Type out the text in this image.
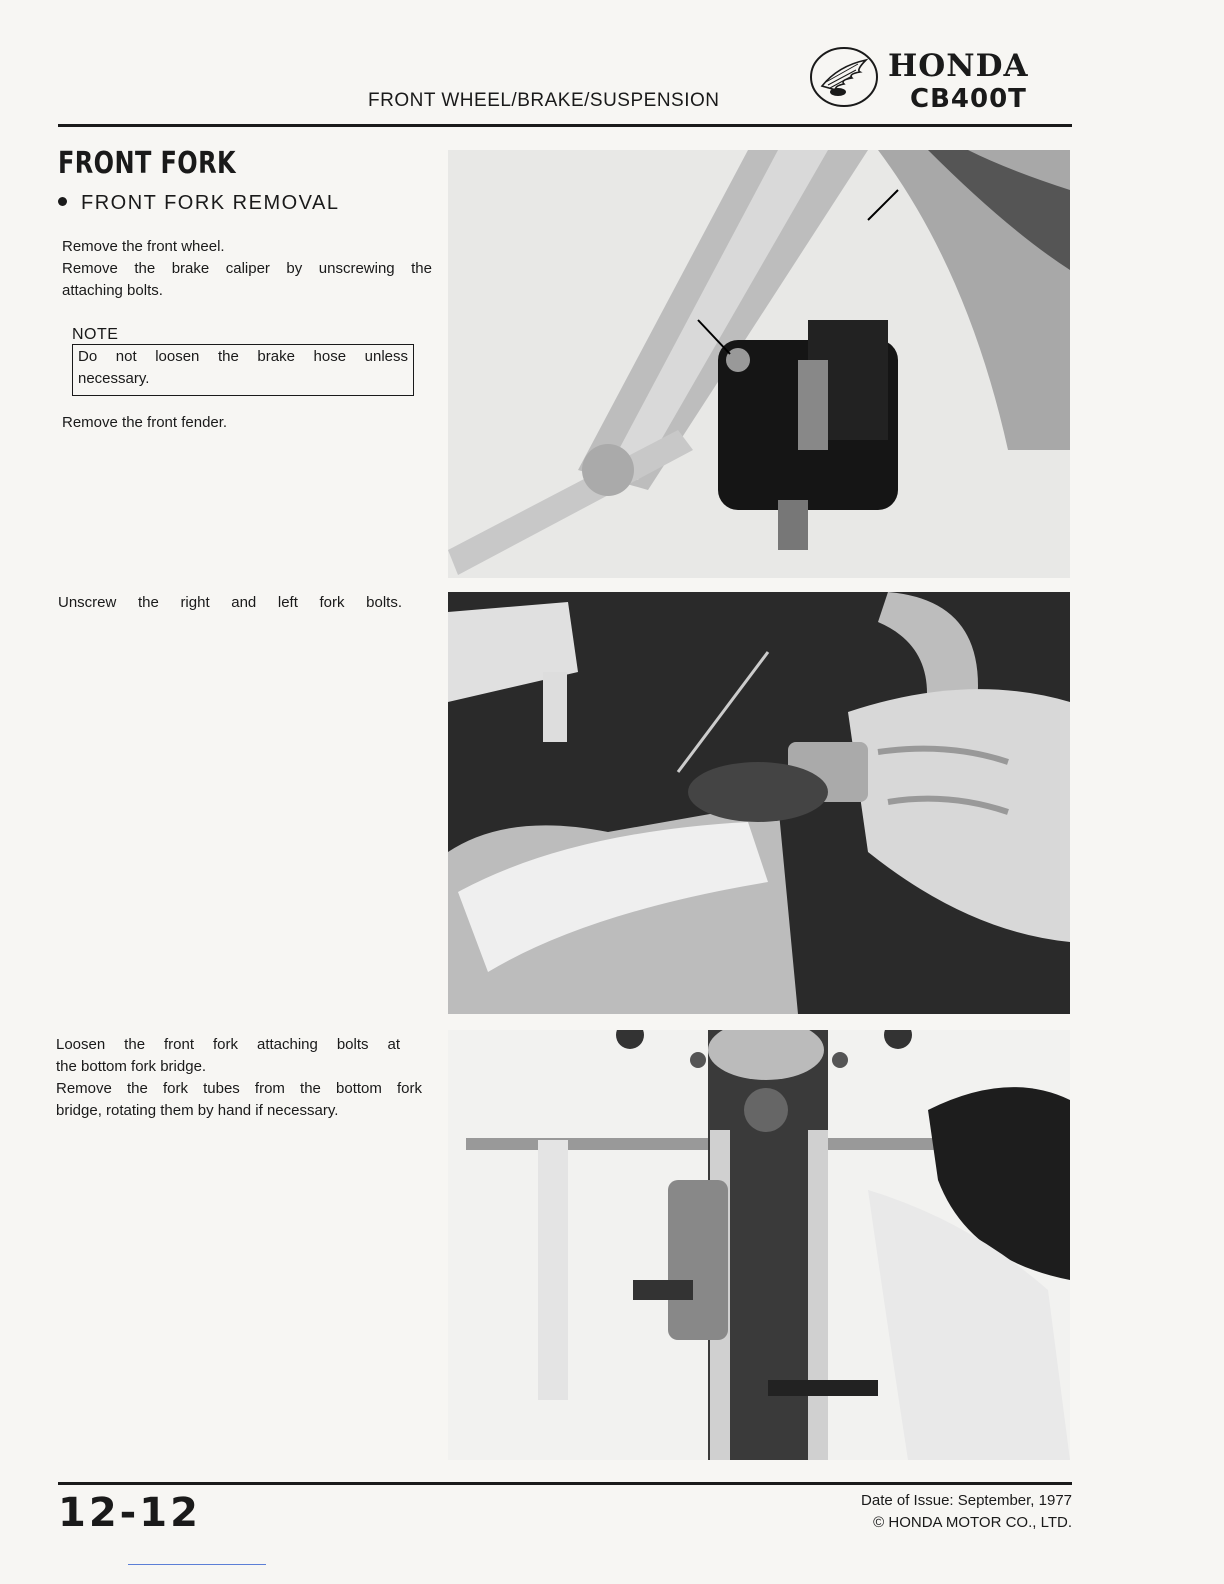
FRONT WHEEL/BRAKE/SUSPENSION
HONDA
CB400T
FRONT FORK
FRONT FORK REMOVAL
Remove the front wheel.
Remove the brake caliper by unscrewing the
attaching bolts.
NOTE
Do not loosen the brake hose unless
necessary.
Remove the front fender.
Unscrew the right and left fork bolts.
Loosen the front fork attaching bolts at
the bottom fork bridge.
Remove the fork tubes from the bottom fork
bridge, rotating them by hand if necessary.
12-12	Date of Issue: September, 1977
© HONDA MOTOR CO., LTD.
